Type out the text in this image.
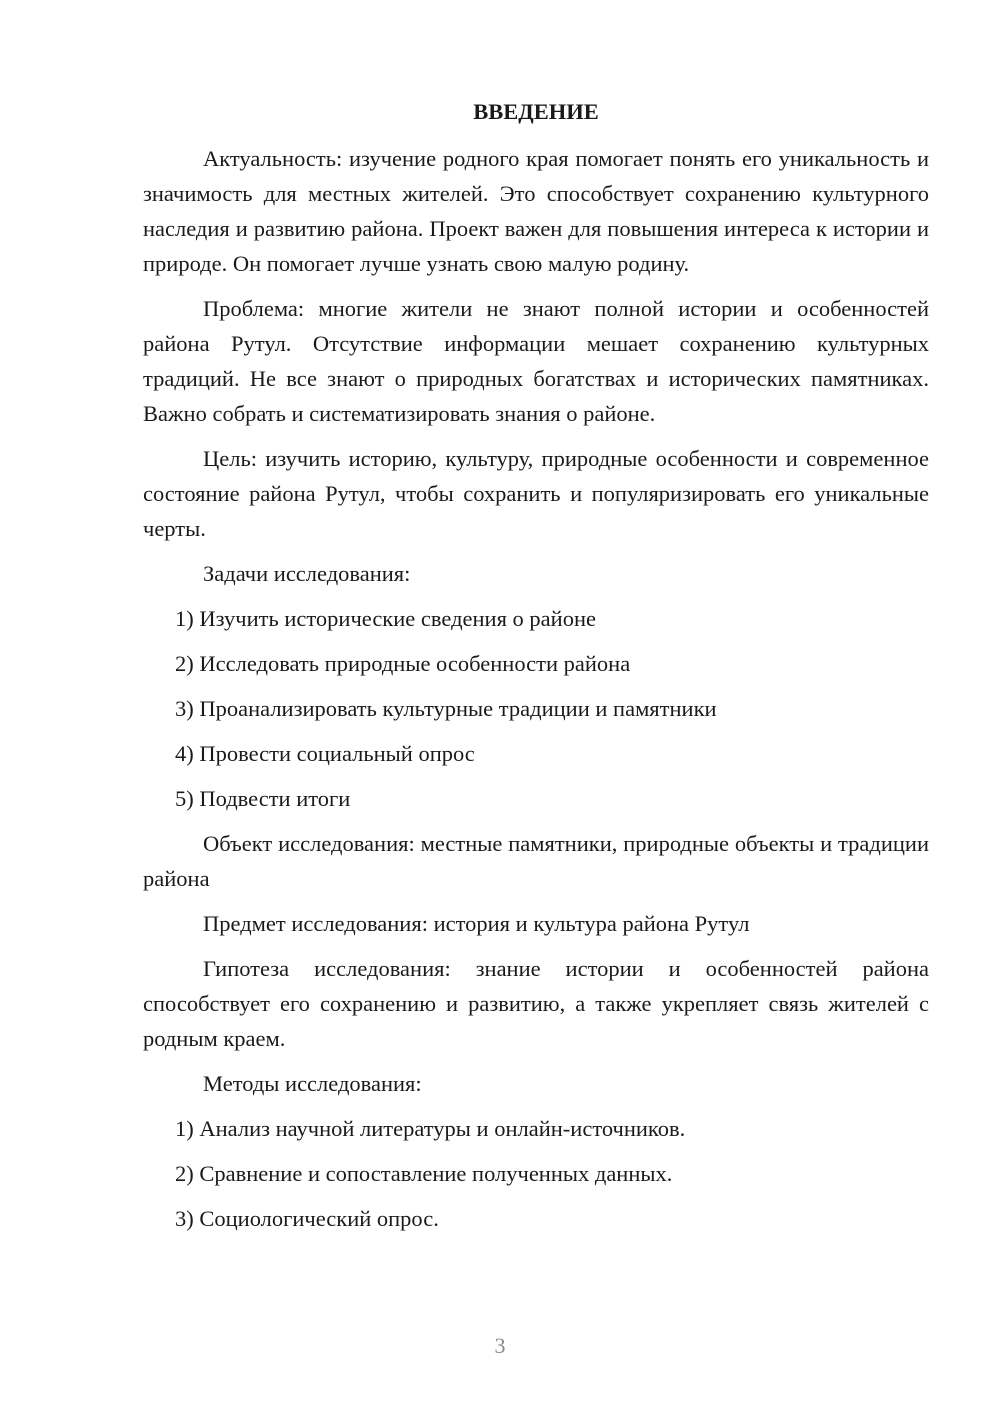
ВВЕДЕНИЕ

Актуальность: изучение родного края помогает понять его уникальность и значимость для местных жителей. Это способствует сохранению культурного наследия и развитию района. Проект важен для повышения интереса к истории и природе. Он помогает лучше узнать свою малую родину.

Проблема: многие жители не знают полной истории и особенностей района Рутул. Отсутствие информации мешает сохранению культурных традиций. Не все знают о природных богатствах и исторических памятниках. Важно собрать и систематизировать знания о районе.

Цель: изучить историю, культуру, природные особенности и современное состояние района Рутул, чтобы сохранить и популяризировать его уникальные черты.

Задачи исследования:

1) Изучить исторические сведения о районе
2) Исследовать природные особенности района
3) Проанализировать культурные традиции и памятники
4) Провести социальный опрос
5) Подвести итоги

Объект исследования: местные памятники, природные объекты и традиции района

Предмет исследования: история и культура района Рутул

Гипотеза исследования: знание истории и особенностей района способствует его сохранению и развитию, а также укрепляет связь жителей с родным краем.

Методы исследования:

1) Анализ научной литературы и онлайн-источников.
2) Сравнение и сопоставление полученных данных.
3) Социологический опрос.
3
